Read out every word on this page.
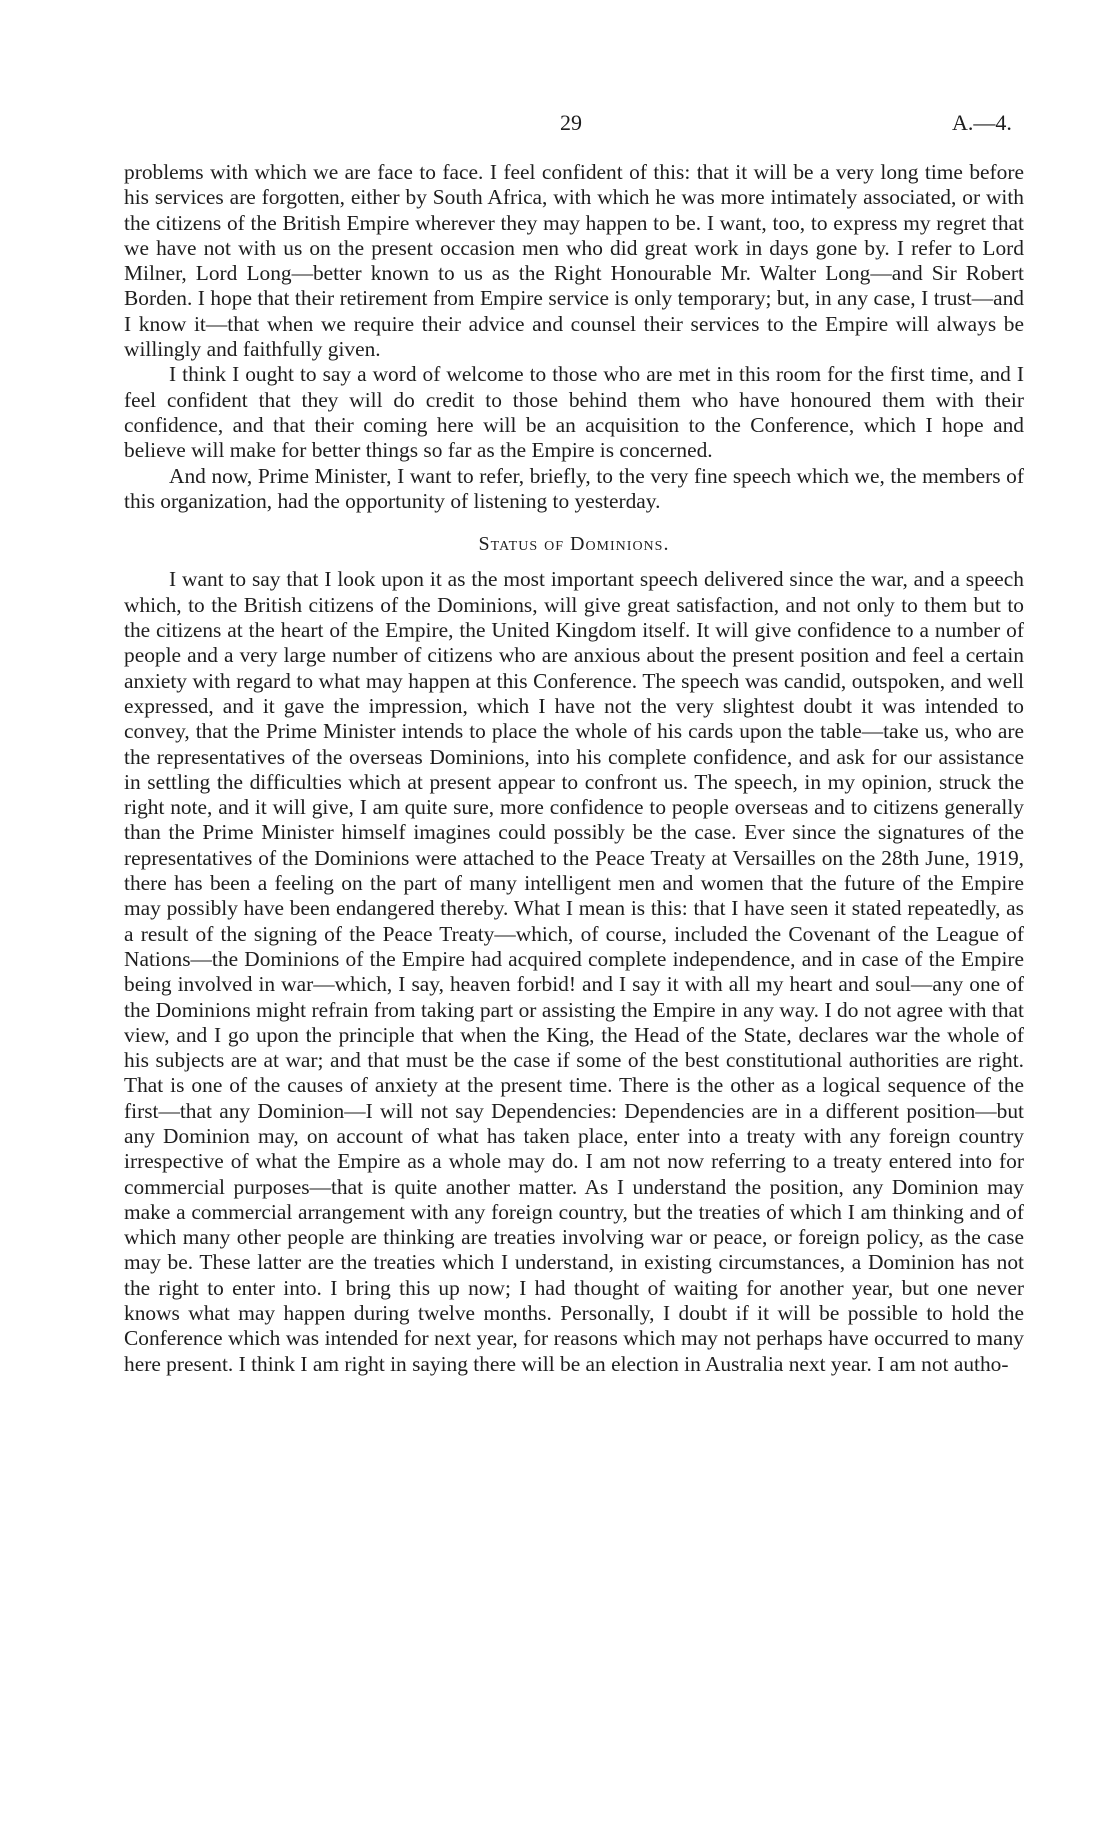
29	A.—4.

problems with which we are face to face. I feel confident of this: that it will be a very long time before his services are forgotten, either by South Africa, with which he was more intimately associated, or with the citizens of the British Empire wherever they may happen to be. I want, too, to express my regret that we have not with us on the present occasion men who did great work in days gone by. I refer to Lord Milner, Lord Long—better known to us as the Right Honourable Mr. Walter Long—and Sir Robert Borden. I hope that their retirement from Empire service is only temporary; but, in any case, I trust—and I know it—that when we require their advice and counsel their services to the Empire will always be willingly and faithfully given.

I think I ought to say a word of welcome to those who are met in this room for the first time, and I feel confident that they will do credit to those behind them who have honoured them with their confidence, and that their coming here will be an acquisition to the Conference, which I hope and believe will make for better things so far as the Empire is concerned.

And now, Prime Minister, I want to refer, briefly, to the very fine speech which we, the members of this organization, had the opportunity of listening to yesterday.

Status of Dominions.

I want to say that I look upon it as the most important speech delivered since the war, and a speech which, to the British citizens of the Dominions, will give great satisfaction, and not only to them but to the citizens at the heart of the Empire, the United Kingdom itself. It will give confidence to a number of people and a very large number of citizens who are anxious about the present position and feel a certain anxiety with regard to what may happen at this Conference. The speech was candid, outspoken, and well expressed, and it gave the impression, which I have not the very slightest doubt it was intended to convey, that the Prime Minister intends to place the whole of his cards upon the table—take us, who are the representatives of the overseas Dominions, into his complete confidence, and ask for our assistance in settling the difficulties which at present appear to confront us. The speech, in my opinion, struck the right note, and it will give, I am quite sure, more confidence to people overseas and to citizens generally than the Prime Minister himself imagines could possibly be the case. Ever since the signatures of the representatives of the Dominions were attached to the Peace Treaty at Versailles on the 28th June, 1919, there has been a feeling on the part of many intelligent men and women that the future of the Empire may possibly have been endangered thereby. What I mean is this: that I have seen it stated repeatedly, as a result of the signing of the Peace Treaty—which, of course, included the Covenant of the League of Nations—the Dominions of the Empire had acquired complete independence, and in case of the Empire being involved in war—which, I say, heaven forbid! and I say it with all my heart and soul—any one of the Dominions might refrain from taking part or assisting the Empire in any way. I do not agree with that view, and I go upon the principle that when the King, the Head of the State, declares war the whole of his subjects are at war; and that must be the case if some of the best constitutional authorities are right. That is one of the causes of anxiety at the present time. There is the other as a logical sequence of the first—that any Dominion—I will not say Dependencies: Dependencies are in a different position—but any Dominion may, on account of what has taken place, enter into a treaty with any foreign country irrespective of what the Empire as a whole may do. I am not now referring to a treaty entered into for commercial purposes—that is quite another matter. As I understand the position, any Dominion may make a commercial arrangement with any foreign country, but the treaties of which I am thinking and of which many other people are thinking are treaties involving war or peace, or foreign policy, as the case may be. These latter are the treaties which I understand, in existing circumstances, a Dominion has not the right to enter into. I bring this up now; I had thought of waiting for another year, but one never knows what may happen during twelve months. Personally, I doubt if it will be possible to hold the Conference which was intended for next year, for reasons which may not perhaps have occurred to many here present. I think I am right in saying there will be an election in Australia next year. I am not autho-
